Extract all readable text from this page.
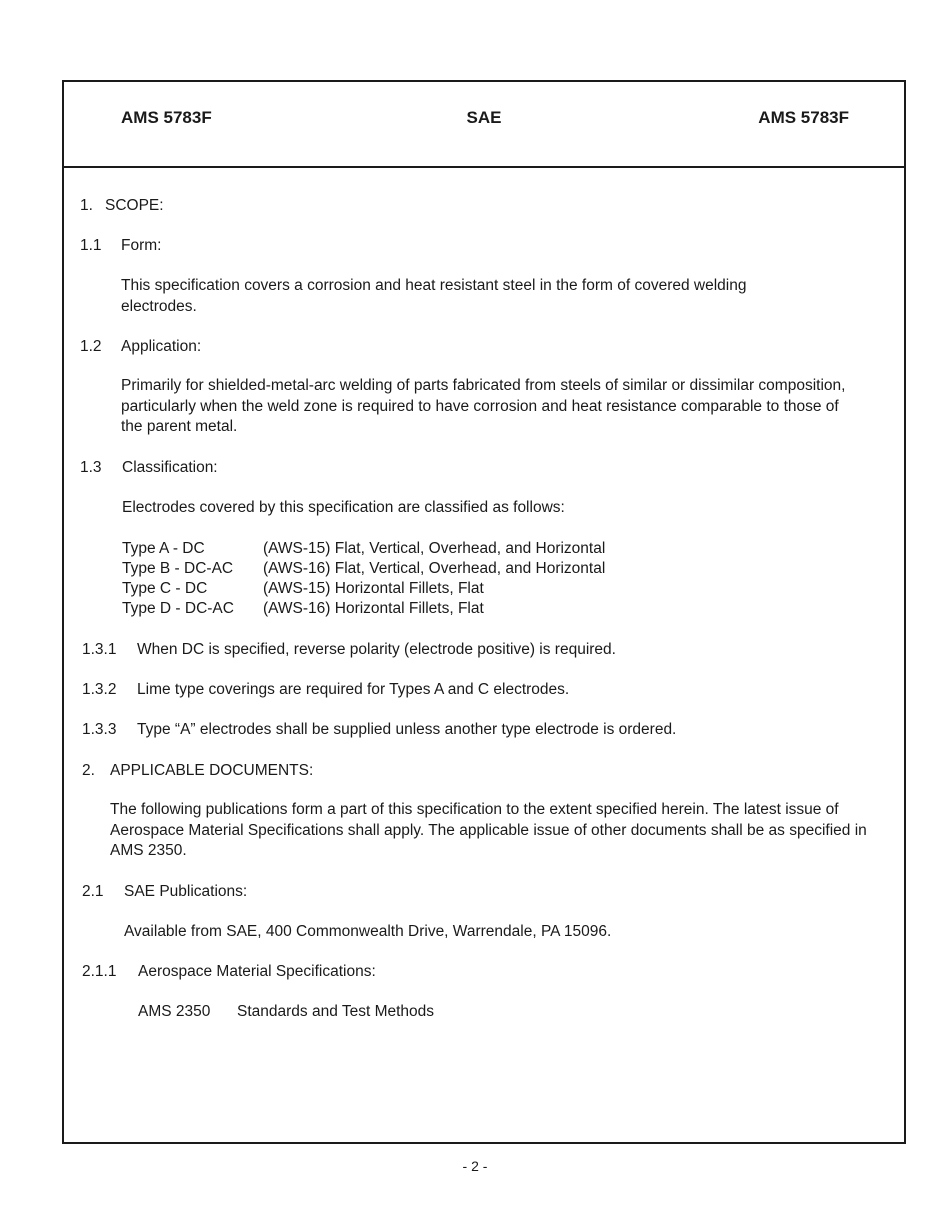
AMS 5783F	SAE	AMS 5783F
1. SCOPE:
1.1 Form:
This specification covers a corrosion and heat resistant steel in the form of covered welding electrodes.
1.2 Application:
Primarily for shielded-metal-arc welding of parts fabricated from steels of similar or dissimilar composition, particularly when the weld zone is required to have corrosion and heat resistance comparable to those of the parent metal.
1.3 Classification:
Electrodes covered by this specification are classified as follows:
Type A - DC	(AWS-15) Flat, Vertical, Overhead, and Horizontal
Type B - DC-AC (AWS-16) Flat, Vertical, Overhead, and Horizontal
Type C - DC	(AWS-15) Horizontal Fillets, Flat
Type D - DC-AC (AWS-16) Horizontal Fillets, Flat
1.3.1 When DC is specified, reverse polarity (electrode positive) is required.
1.3.2 Lime type coverings are required for Types A and C electrodes.
1.3.3 Type “A” electrodes shall be supplied unless another type electrode is ordered.
2. APPLICABLE DOCUMENTS:
The following publications form a part of this specification to the extent specified herein. The latest issue of Aerospace Material Specifications shall apply. The applicable issue of other documents shall be as specified in AMS 2350.
2.1 SAE Publications:
Available from SAE, 400 Commonwealth Drive, Warrendale, PA 15096.
2.1.1 Aerospace Material Specifications:
AMS 2350 Standards and Test Methods
- 2 -
